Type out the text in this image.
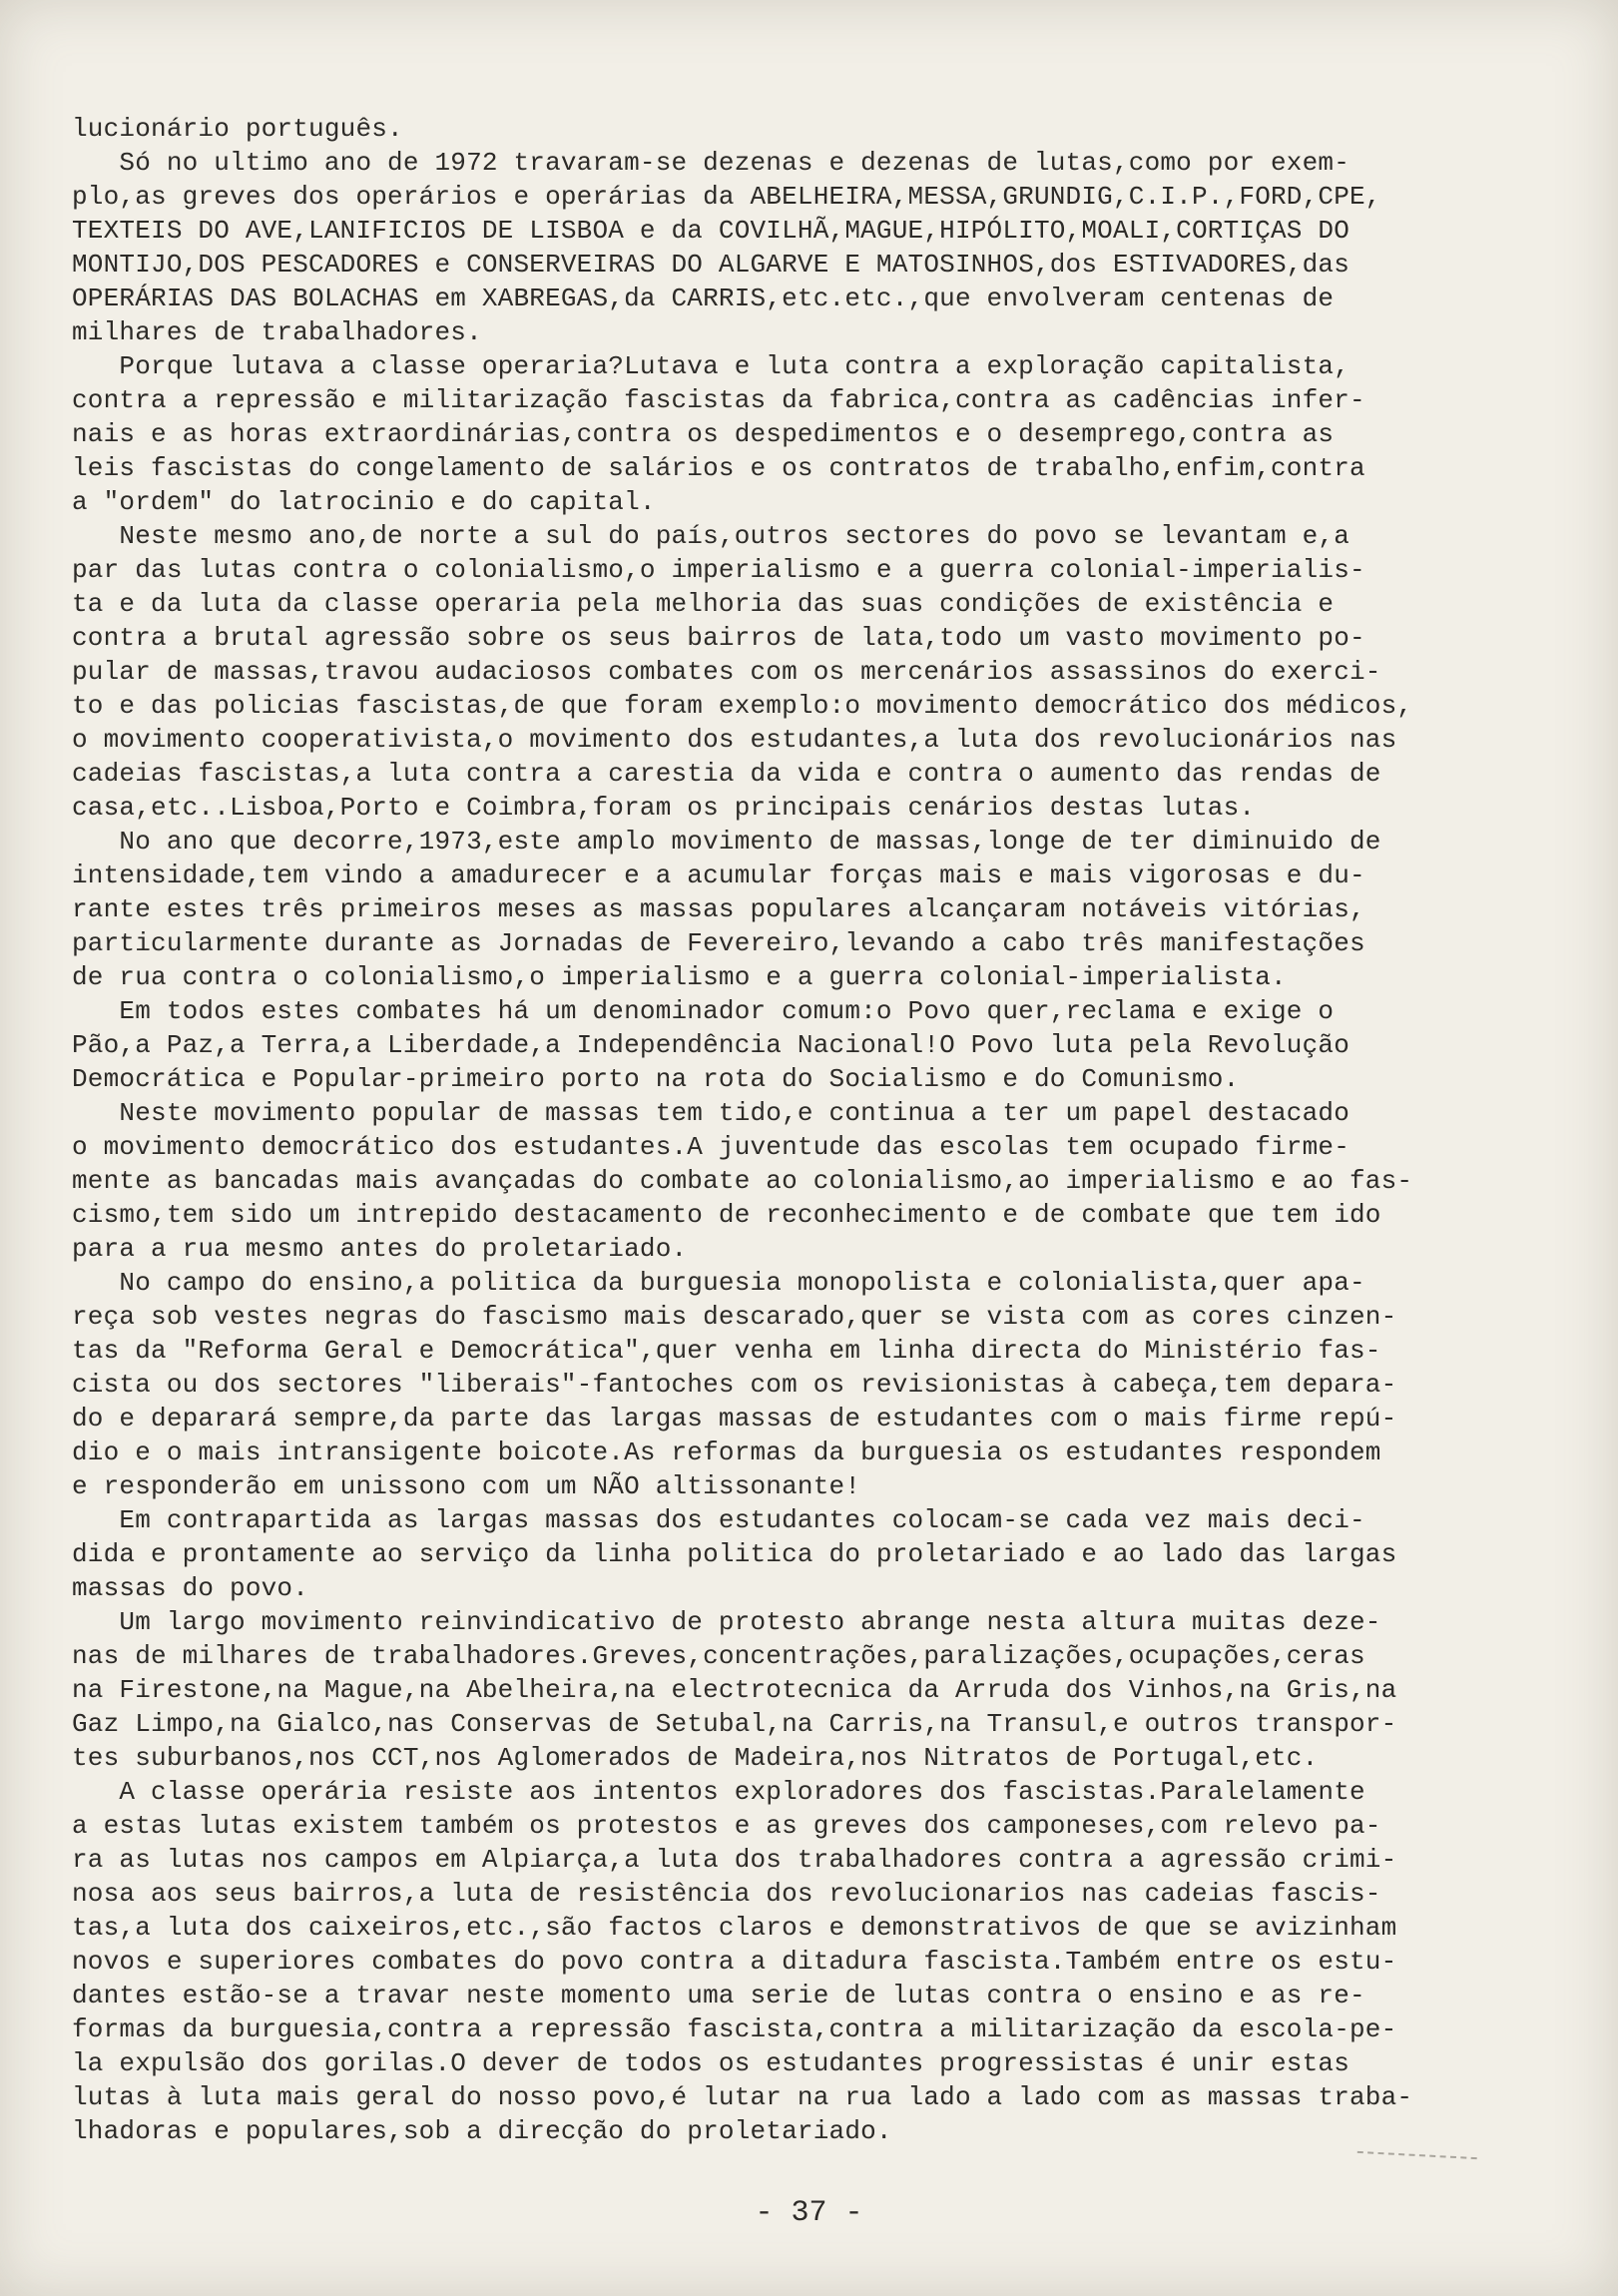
lucionário português.
Só no ultimo ano de 1972 travaram-se dezenas e dezenas de lutas,como por exem-
plo,as greves dos operários e operárias da ABELHEIRA,MESSA,GRUNDIG,C.I.P.,FORD,CPE,
TEXTEIS DO AVE,LANIFICIOS DE LISBOA e da COVILHÃ,MAGUE,HIPÓLITO,MOALI,CORTIÇAS DO
MONTIJO,DOS PESCADORES e CONSERVEIRAS DO ALGARVE E MATOSINHOS,dos ESTIVADORES,das
OPERÁRIAS DAS BOLACHAS em XABREGAS,da CARRIS,etc.etc.,que envolveram centenas de
milhares de trabalhadores.
Porque lutava a classe operaria?Lutava e luta contra a exploração capitalista,
contra a repressão e militarização fascistas da fabrica,contra as cadências infer-
nais e as horas extraordinárias,contra os despedimentos e o desemprego,contra as
leis fascistas do congelamento de salários e os contratos de trabalho,enfim,contra
a "ordem" do latrocinio e do capital.
Neste mesmo ano,de norte a sul do país,outros sectores do povo se levantam e,a
par das lutas contra o colonialismo,o imperialismo e a guerra colonial-imperialis-
ta e da luta da classe operaria pela melhoria das suas condições de existência e
contra a brutal agressão sobre os seus bairros de lata,todo um vasto movimento po-
pular de massas,travou audaciosos combates com os mercenários assassinos do exerci-
to e das policias fascistas,de que foram exemplo:o movimento democrático dos médicos,
o movimento cooperativista,o movimento dos estudantes,a luta dos revolucionários nas
cadeias fascistas,a luta contra a carestia da vida e contra o aumento das rendas de
casa,etc..Lisboa,Porto e Coimbra,foram os principais cenários destas lutas.
No ano que decorre,1973,este amplo movimento de massas,longe de ter diminuido de
intensidade,tem vindo a amadurecer e a acumular forças mais e mais vigorosas e du-
rante estes três primeiros meses as massas populares alcançaram notáveis vitórias,
particularmente durante as Jornadas de Fevereiro,levando a cabo três manifestações
de rua contra o colonialismo,o imperialismo e a guerra colonial-imperialista.
Em todos estes combates há um denominador comum:o Povo quer,reclama e exige o
Pão,a Paz,a Terra,a Liberdade,a Independência Nacional!O Povo luta pela Revolução
Democrática e Popular-primeiro porto na rota do Socialismo e do Comunismo.
Neste movimento popular de massas tem tido,e continua a ter um papel destacado
o movimento democrático dos estudantes.A juventude das escolas tem ocupado firme-
mente as bancadas mais avançadas do combate ao colonialismo,ao imperialismo e ao fas-
cismo,tem sido um intrepido destacamento de reconhecimento e de combate que tem ido
para a rua mesmo antes do proletariado.
No campo do ensino,a politica da burguesia monopolista e colonialista,quer apa-
reça sob vestes negras do fascismo mais descarado,quer se vista com as cores cinzen-
tas da "Reforma Geral e Democrática",quer venha em linha directa do Ministério fas-
cista ou dos sectores "liberais"-fantoches com os revisionistas à cabeça,tem depara-
do e deparará sempre,da parte das largas massas de estudantes com o mais firme repú-
dio e o mais intransigente boicote.As reformas da burguesia os estudantes respondem
e responderão em unissono com um NÃO altissonante!
Em contrapartida as largas massas dos estudantes colocam-se cada vez mais deci-
dida e prontamente ao serviço da linha politica do proletariado e ao lado das largas
massas do povo.
Um largo movimento reinvindicativo de protesto abrange nesta altura muitas deze-
nas de milhares de trabalhadores.Greves,concentrações,paralizações,ocupações,ceras
na Firestone,na Mague,na Abelheira,na electrotecnica da Arruda dos Vinhos,na Gris,na
Gaz Limpo,na Gialco,nas Conservas de Setubal,na Carris,na Transul,e outros transpor-
tes suburbanos,nos CCT,nos Aglomerados de Madeira,nos Nitratos de Portugal,etc.
A classe operária resiste aos intentos exploradores dos fascistas.Paralelamente
a estas lutas existem também os protestos e as greves dos camponeses,com relevo pa-
ra as lutas nos campos em Alpiarça,a luta dos trabalhadores contra a agressão crimi-
nosa aos seus bairros,a luta de resistência dos revolucionarios nas cadeias fascis-
tas,a luta dos caixeiros,etc.,são factos claros e demonstrativos de que se avizinham
novos e superiores combates do povo contra a ditadura fascista.Também entre os estu-
dantes estão-se a travar neste momento uma serie de lutas contra o ensino e as re-
formas da burguesia,contra a repressão fascista,contra a militarização da escola-pe-
la expulsão dos gorilas.O dever de todos os estudantes progressistas é unir estas
lutas à luta mais geral do nosso povo,é lutar na rua lado a lado com as massas traba-
lhadoras e populares,sob a direcção do proletariado.
- 37 -
